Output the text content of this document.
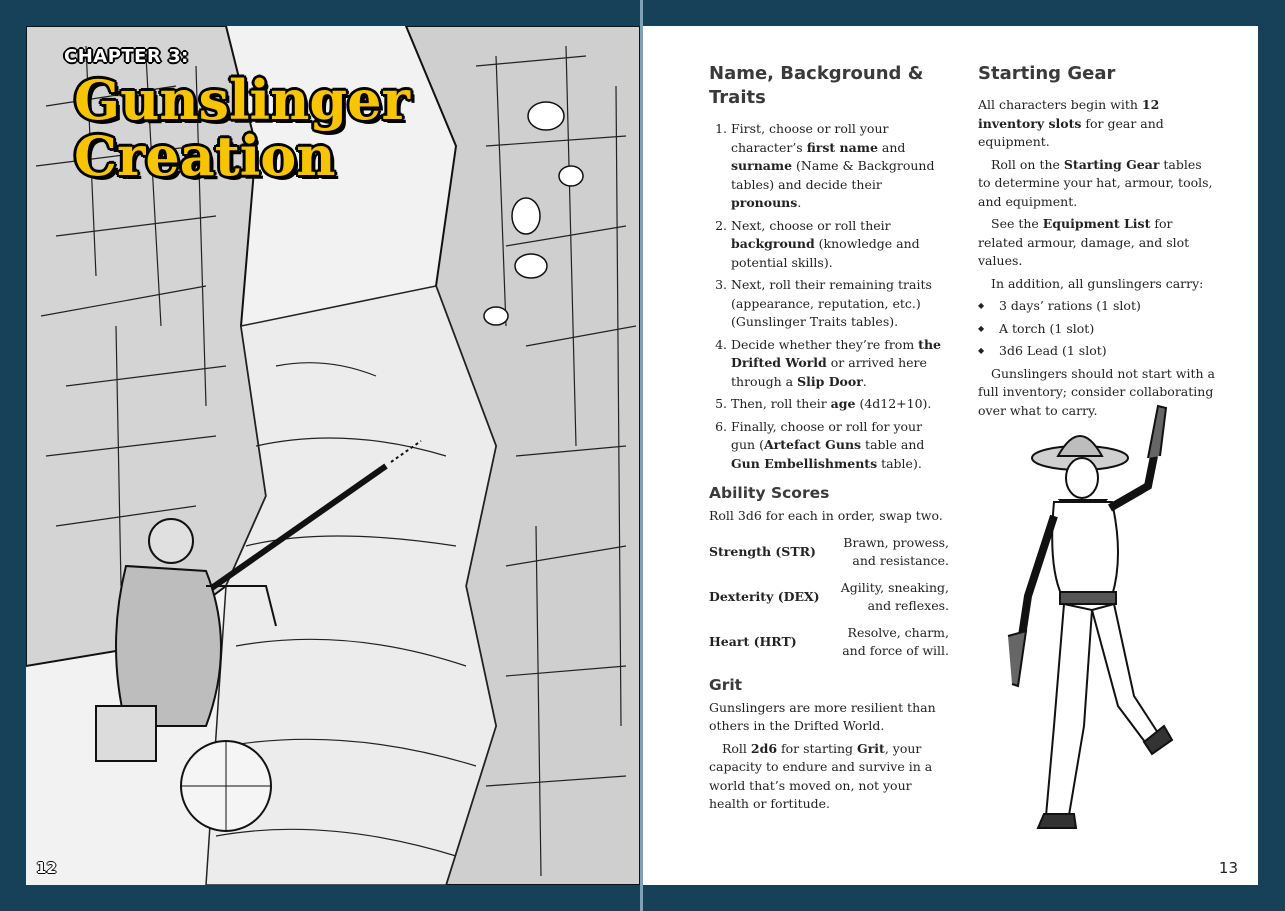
CHAPTER 3:
Gunslinger Creation
12
Name, Background & Traits
1. First, choose or roll your character’s first name and surname (Name & Background tables) and decide their pronouns.
2. Next, choose or roll their background (knowledge and potential skills).
3. Next, roll their remaining traits (appearance, reputation, etc.) (Gunslinger Traits tables).
4. Decide whether they’re from the Drifted World or arrived here through a Slip Door.
5. Then, roll their age (4d12+10).
6. Finally, choose or roll for your gun (Artefact Guns table and Gun Embellishments table).
Ability Scores

Roll 3d6 for each in order, swap two.

Strength (STR)
Brawn, prowess, and resistance.
Dexterity (DEX)
Agility, sneaking, and reflexes.
Heart (HRT)
Resolve, charm, and force of will.
Grit

Gunslingers are more resilient than others in the Drifted World.

Roll 2d6 for starting Grit, your capacity to endure and survive in a world that’s moved on, not your health or fortitude.

Starting Gear

All characters begin with 12 inventory slots for gear and equipment.

Roll on the Starting Gear tables to determine your hat, armour, tools, and equipment.

See the Equipment List for related armour, damage, and slot values.

In addition, all gunslingers carry:

◆ 3 days’ rations (1 slot)
◆ A torch (1 slot)
◆ 3d6 Lead (1 slot)

Gunslingers should not start with a full inventory; consider collaborating over what to carry.

13
